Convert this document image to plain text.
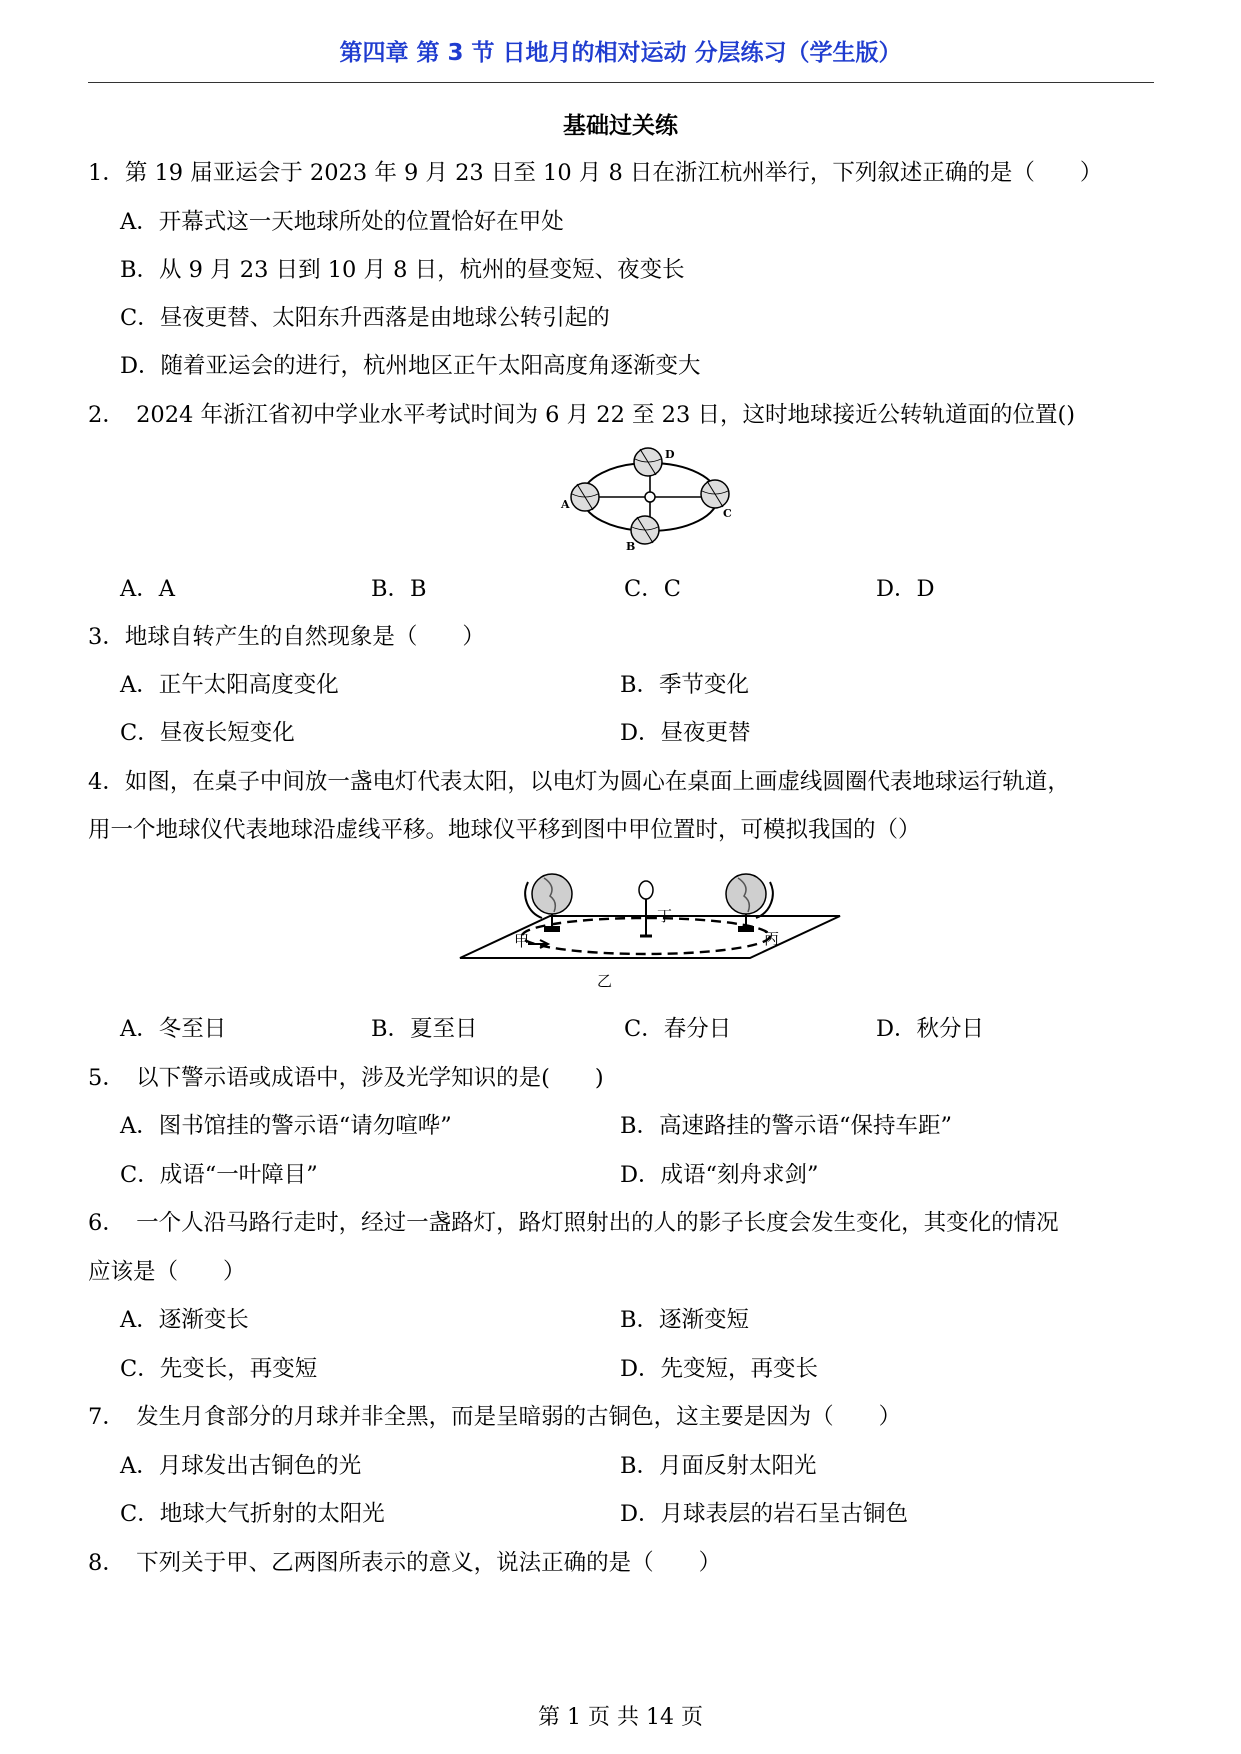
第四章 第 3 节 日地月的相对运动 分层练习（学生版）
基础过关练
1．第 19 届亚运会于 2023 年 9 月 23 日至 10 月 8 日在浙江杭州举行，下列叙述正确的是（　　）
A．开幕式这一天地球所处的位置恰好在甲处
B．从 9 月 23 日到 10 月 8 日，杭州的昼变短、夜变长
C．昼夜更替、太阳东升西落是由地球公转引起的
D．随着亚运会的进行，杭州地区正午太阳高度角逐渐变大
2．　2024 年浙江省初中学业水平考试时间为 6 月 22 至 23 日，这时地球接近公转轨道面的位置()
A
B
C
D
A．A	B．B	C．C	D．D
3．地球自转产生的自然现象是（　　）
A．正午太阳高度变化	B．季节变化
C．昼夜长短变化	D．昼夜更替
4．如图，在桌子中间放一盏电灯代表太阳，以电灯为圆心在桌面上画虚线圆圈代表地球运行轨道，
用一个地球仪代表地球沿虚线平移。地球仪平移到图中甲位置时，可模拟我国的（）
甲
乙
丙
丁
A．冬至日	B．夏至日	C．春分日	D．秋分日
5．　以下警示语或成语中，涉及光学知识的是(　　)
A．图书馆挂的警示语“请勿喧哗”	B．高速路挂的警示语“保持车距”
C．成语“一叶障目”	D．成语“刻舟求剑”
6．　一个人沿马路行走时，经过一盏路灯，路灯照射出的人的影子长度会发生变化，其变化的情况
应该是（　　）
A．逐渐变长	B．逐渐变短
C．先变长，再变短	D．先变短，再变长
7．　发生月食部分的月球并非全黑，而是呈暗弱的古铜色，这主要是因为（　　）
A．月球发出古铜色的光	B．月面反射太阳光
C．地球大气折射的太阳光	D．月球表层的岩石呈古铜色
8．　下列关于甲、乙两图所表示的意义，说法正确的是（　　）
第 1 页 共 14 页
